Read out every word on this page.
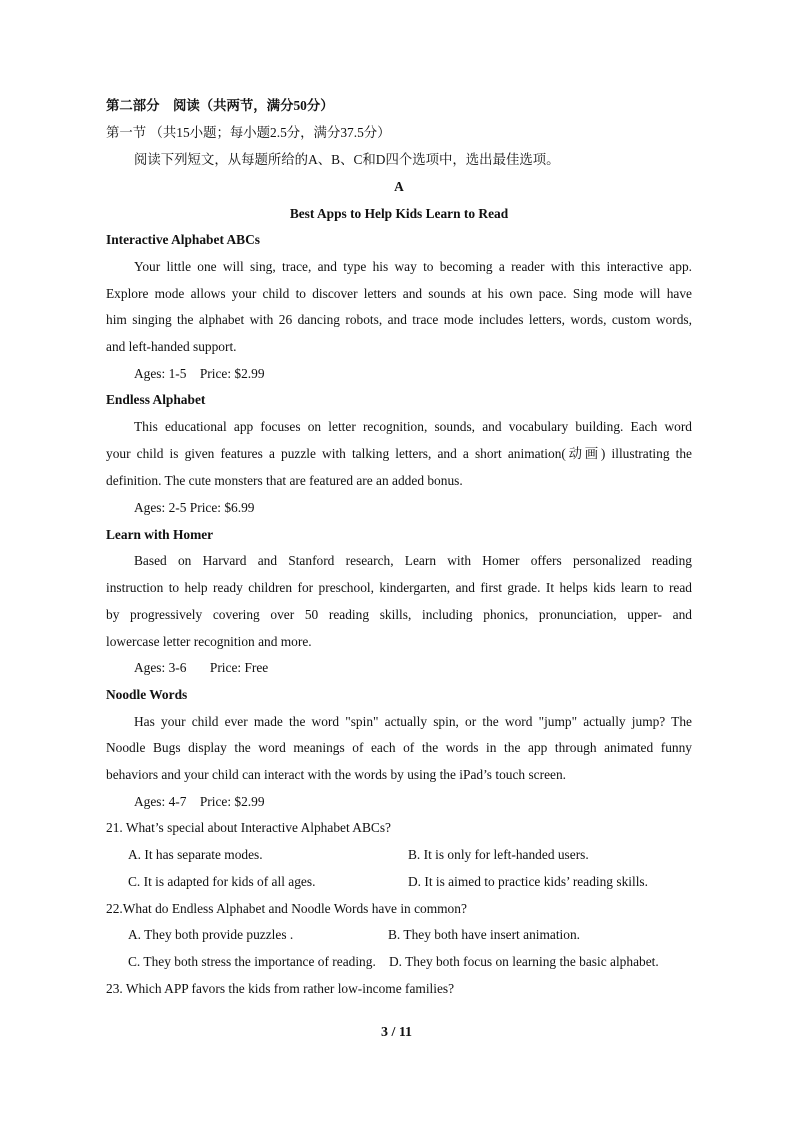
第二部分　阅读（共两节，满分50分）
第一节 （共15小题；每小题2.5分，满分37.5分）
阅读下列短文，从每题所给的A、B、C和D四个选项中，选出最佳选项。
A
Best Apps to Help Kids Learn to Read
Interactive Alphabet ABCs
Your little one will sing, trace, and type his way to becoming a reader with this interactive app.
Explore mode allows your child to discover letters and sounds at his own pace. Sing mode will have
him singing the alphabet with 26 dancing robots, and trace mode includes letters, words, custom words,
and left-handed support.
Ages: 1-5    Price: $2.99
Endless Alphabet
This educational app focuses on letter recognition, sounds, and vocabulary building. Each word
your child is given features a puzzle with talking letters, and a short animation(动画) illustrating the
definition. The cute monsters that are featured are an added bonus.
Ages: 2-5 Price: $6.99
Learn with Homer
Based on Harvard and Stanford research, Learn with Homer offers personalized reading
instruction to help ready children for preschool, kindergarten, and first grade. It helps kids learn to read
by progressively covering over 50 reading skills, including phonics, pronunciation, upper- and
lowercase letter recognition and more.
Ages: 3-6       Price: Free
Noodle Words
Has your child ever made the word "spin" actually spin, or the word "jump" actually jump? The
Noodle Bugs display the word meanings of each of the words in the app through animated funny
behaviors and your child can interact with the words by using the iPad’s touch screen.
Ages: 4-7    Price: $2.99
21. What’s special about Interactive Alphabet ABCs?
A. It has separate modes.	B. It is only for left-handed users.
C. It is adapted for kids of all ages.	D. It is aimed to practice kids’ reading skills.
22.What do Endless Alphabet and Noodle Words have in common?
A. They both provide puzzles .	B. They both have insert animation.
C. They both stress the importance of reading. D. They both focus on learning the basic alphabet.
23. Which APP favors the kids from rather low-income families?
3 / 11
